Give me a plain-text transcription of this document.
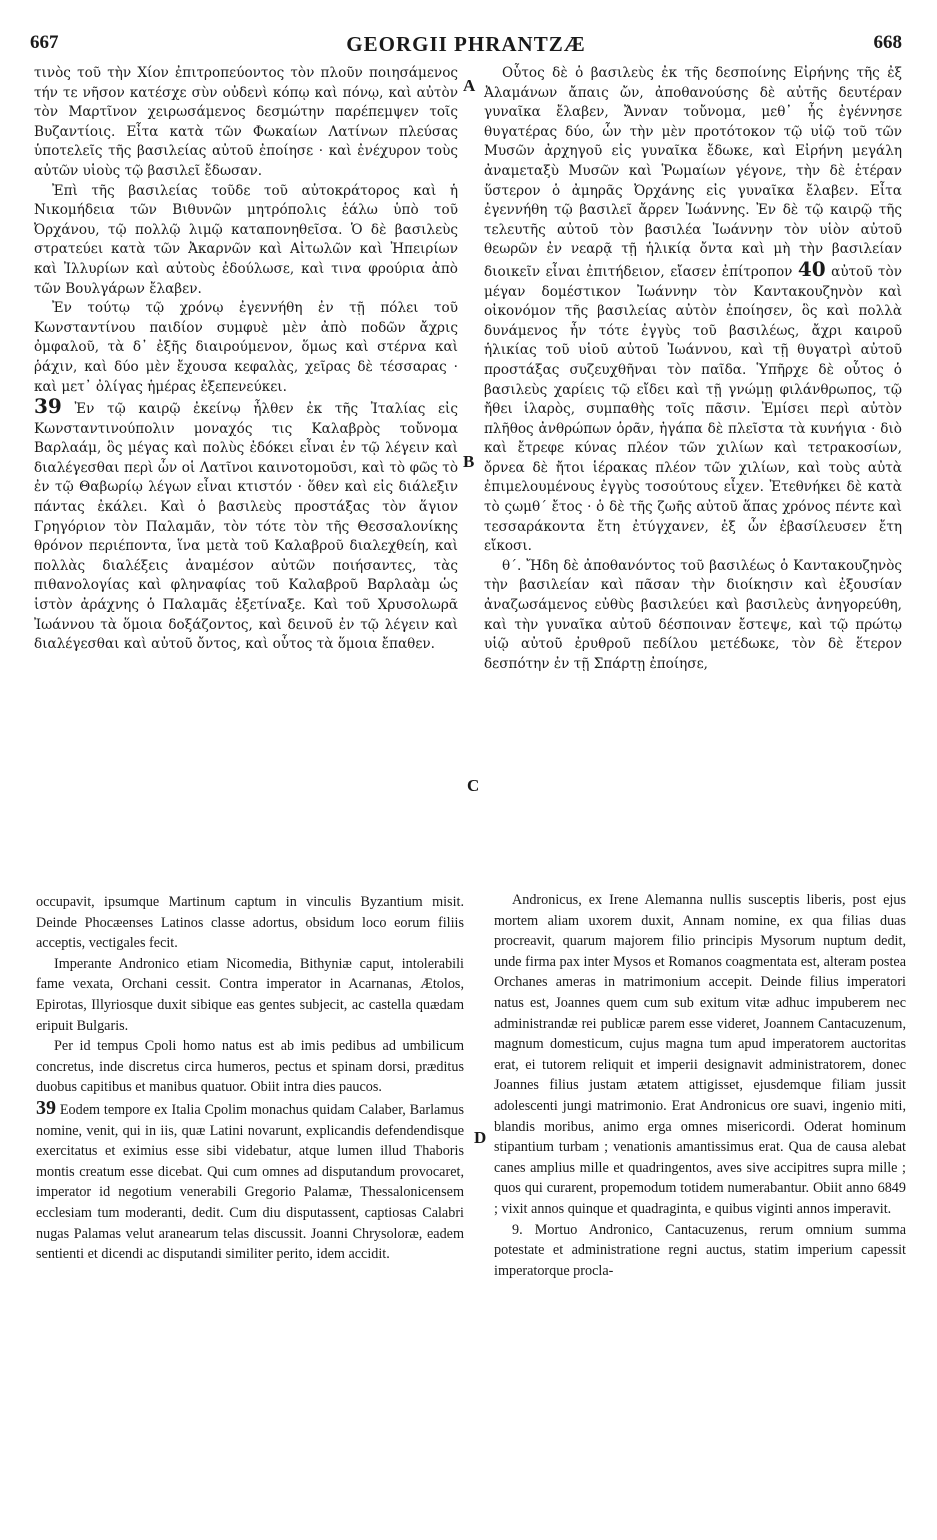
667	GEORGII PHRANTZÆ	668
A
B
C
D

τινὸς τοῦ τὴν Χίον ἐπιτροπεύοντος τὸν πλοῦν ποιησάμενος τήν τε νῆσον κατέσχε σὺν οὐδενὶ κόπῳ καὶ πόνῳ, καὶ αὐτὸν τὸν Μαρτῖνον χειρωσάμενος δεσμώτην παρέπεμψεν τοῖς Βυζαντίοις. Εἶτα κατὰ τῶν Φωκαίων Λατίνων πλεύσας ὑποτελεῖς τῆς βασιλείας αὐτοῦ ἐποίησε · καὶ ἐνέχυρον τοὺς αὐτῶν υἱοὺς τῷ βασιλεῖ ἔδωσαν.

Ἐπὶ τῆς βασιλείας τοῦδε τοῦ αὐτοκράτορος καὶ ἡ Νικομήδεια τῶν Βιθυνῶν μητρόπολις ἑάλω ὑπὸ τοῦ Ὀρχάνου, τῷ πολλῷ λιμῷ καταπονηθεῖσα. Ὁ δὲ βασιλεὺς στρατεύει κατὰ τῶν Ἀκαρνῶν καὶ Αἰτωλῶν καὶ Ἠπειρίων καὶ Ἰλλυρίων καὶ αὐτοὺς ἐδούλωσε, καὶ τινα φρούρια ἀπὸ τῶν Βουλγάρων ἔλαβεν.

Ἐν τούτῳ τῷ χρόνῳ ἐγεννήθη ἐν τῇ πόλει τοῦ Κωνσταντίνου παιδίον συμφυὲ μὲν ἀπὸ ποδῶν ἄχρις ὀμφαλοῦ, τὰ δ᾽ ἐξῆς διαιρούμενον, ὅμως καὶ στέρνα καὶ ῥάχιν, καὶ δύο μὲν ἔχουσα κεφαλὰς, χεῖρας δὲ τέσσαρας · καὶ μετ᾽ ὀλίγας ἡμέρας ἐξεπενεύκει.

39 Ἐν τῷ καιρῷ ἐκείνῳ ἦλθεν ἐκ τῆς Ἰταλίας εἰς Κωνσταντινούπολιν μοναχός τις Καλαβρὸς τοὔνομα Βαρλαάμ, ὃς μέγας καὶ πολὺς ἐδόκει εἶναι ἐν τῷ λέγειν καὶ διαλέγεσθαι περὶ ὧν οἱ Λατῖνοι καινοτομοῦσι, καὶ τὸ φῶς τὸ ἐν τῷ Θαβωρίῳ λέγων εἶναι κτιστόν · ὅθεν καὶ εἰς διάλεξιν πάντας ἐκάλει. Καὶ ὁ βασιλεὺς προστάξας τὸν ἅγιον Γρηγόριον τὸν Παλαμᾶν, τὸν τότε τὸν τῆς Θεσσαλονίκης θρόνον περιέποντα, ἵνα μετὰ τοῦ Καλαβροῦ διαλεχθείη, καὶ πολλὰς διαλέξεις ἀναμέσον αὐτῶν ποιήσαντες, τὰς πιθανολογίας καὶ φληναφίας τοῦ Καλαβροῦ Βαρλαὰμ ὡς ἱστὸν ἀράχνης ὁ Παλαμᾶς ἐξετίναξε. Καὶ τοῦ Χρυσολωρᾶ Ἰωάννου τὰ ὅμοια δοξάζοντος, καὶ δεινοῦ ἐν τῷ λέγειν καὶ διαλέγεσθαι καὶ αὐτοῦ ὄντος, καὶ οὗτος τὰ ὅμοια ἔπαθεν.

Οὗτος δὲ ὁ βασιλεὺς ἐκ τῆς δεσποίνης Εἰρήνης τῆς ἐξ Ἀλαμάνων ἄπαις ὤν, ἀποθανούσης δὲ αὐτῆς δευτέραν γυναῖκα ἔλαβεν, Ἄνναν τοὔνομα, μεθ᾽ ἧς ἐγέννησε θυγατέρας δύο, ὧν τὴν μὲν προτότοκον τῷ υἱῷ τοῦ τῶν Μυσῶν ἀρχηγοῦ εἰς γυναῖκα ἔδωκε, καὶ Εἰρήνη μεγάλη ἀναμεταξὺ Μυσῶν καὶ Ῥωμαίων γέγονε, τὴν δὲ ἑτέραν ὕστερον ὁ ἀμηρᾶς Ὀρχάνης εἰς γυναῖκα ἔλαβεν. Εἶτα ἐγεννήθη τῷ βασιλεῖ ἄρρεν Ἰωάννης. Ἐν δὲ τῷ καιρῷ τῆς τελευτῆς αὐτοῦ τὸν βασιλέα Ἰωάννην τὸν υἱὸν αὐτοῦ θεωρῶν ἐν νεαρᾷ τῇ ἡλικίᾳ ὄντα καὶ μὴ τὴν βασιλείαν διοικεῖν εἶναι ἐπιτήδειον, εἴασεν ἐπίτροπον 40 αὐτοῦ τὸν μέγαν δομέστικον Ἰωάννην τὸν Καντακουζηνὸν καὶ οἰκονόμον τῆς βασιλείας αὐτὸν ἐποίησεν, ὃς καὶ πολλὰ δυνάμενος ἦν τότε ἐγγὺς τοῦ βασιλέως, ἄχρι καιροῦ ἡλικίας τοῦ υἱοῦ αὐτοῦ Ἰωάννου, καὶ τῇ θυγατρὶ αὐτοῦ προστάξας συζευχθῆναι τὸν παῖδα. Ὑπῆρχε δὲ οὗτος ὁ βασιλεὺς χαρίεις τῷ εἴδει καὶ τῇ γνώμῃ φιλάνθρωπος, τῷ ἤθει ἱλαρὸς, συμπαθὴς τοῖς πᾶσιν. Ἐμίσει περὶ αὐτὸν πλῆθος ἀνθρώπων ὁρᾶν, ἠγάπα δὲ πλεῖστα τὰ κυνήγια · διὸ καὶ ἔτρεφε κύνας πλέον τῶν χιλίων καὶ τετρακοσίων, ὄρνεα δὲ ἤτοι ἱέρακας πλέον τῶν χιλίων, καὶ τοὺς αὐτὰ ἐπιμελουμένους ἐγγὺς τοσούτους εἶχεν. Ἐτεθνήκει δὲ κατὰ τὸ ςωμθ´ ἔτος · ὁ δὲ τῆς ζωῆς αὐτοῦ ἅπας χρόνος πέντε καὶ τεσσαράκοντα ἔτη ἐτύγχανεν, ἐξ ὧν ἐβασίλευσεν ἔτη εἴκοσι.

θ´. Ἤδη δὲ ἀποθανόντος τοῦ βασιλέως ὁ Καντακουζηνὸς τὴν βασιλείαν καὶ πᾶσαν τὴν διοίκησιν καὶ ἐξουσίαν ἀναζωσάμενος εὐθὺς βασιλεύει καὶ βασιλεὺς ἀνηγορεύθη, καὶ τὴν γυναῖκα αὐτοῦ δέσποιναν ἔστεψε, καὶ τῷ πρώτῳ υἱῷ αὐτοῦ ἐρυθροῦ πεδίλου μετέδωκε, τὸν δὲ ἕτερον δεσπότην ἐν τῇ Σπάρτῃ ἐποίησε,

occupavit, ipsumque Martinum captum in vinculis Byzantium misit. Deinde Phocæenses Latinos classe adortus, obsidum loco eorum filiis acceptis, vectigales fecit.

Imperante Andronico etiam Nicomedia, Bithyniæ caput, intolerabili fame vexata, Orchani cessit. Contra imperator in Acarnanas, Ætolos, Epirotas, Illyriosque duxit sibique eas gentes subjecit, ac castella quædam eripuit Bulgaris.

Per id tempus Cpoli homo natus est ab imis pedibus ad umbilicum concretus, inde discretus circa humeros, pectus et spinam dorsi, præditus duobus capitibus et manibus quatuor. Obiit intra dies paucos.

39 Eodem tempore ex Italia Cpolim monachus quidam Calaber, Barlamus nomine, venit, qui in iis, quæ Latini novarunt, explicandis defendendisque exercitatus et eximius esse sibi videbatur, atque lumen illud Thaboris montis creatum esse dicebat. Qui cum omnes ad disputandum provocaret, imperator id negotium venerabili Gregorio Palamæ, Thessalonicensem ecclesiam tum moderanti, dedit. Cum diu disputassent, captiosas Calabri nugas Palamas velut aranearum telas discussit. Joanni Chrysoloræ, eadem sentienti et dicendi ac disputandi similiter perito, idem accidit.

Andronicus, ex Irene Alemanna nullis susceptis liberis, post ejus mortem aliam uxorem duxit, Annam nomine, ex qua filias duas procreavit, quarum majorem filio principis Mysorum nuptum dedit, unde firma pax inter Mysos et Romanos coagmentata est, alteram postea Orchanes ameras in matrimonium accepit. Deinde filius imperatori natus est, Joannes quem cum sub exitum vitæ adhuc impuberem nec administrandæ rei publicæ parem esse videret, Joannem Cantacuzenum, magnum domesticum, cujus magna tum apud imperatorem auctoritas erat, ei tutorem reliquit et imperii designavit administratorem, donec Joannes filius justam ætatem attigisset, ejusdemque filiam jussit adolescenti jungi matrimonio. Erat Andronicus ore suavi, ingenio miti, blandis moribus, animo erga omnes misericordi. Oderat hominum stipantium turbam ; venationis amantissimus erat. Qua de causa alebat canes amplius mille et quadringentos, aves sive accipitres supra mille ; quos qui curarent, propemodum totidem numerabantur. Obiit anno 6849 ; vixit annos quinque et quadraginta, e quibus viginti annos imperavit.

9. Mortuo Andronico, Cantacuzenus, rerum omnium summa potestate et administratione regni auctus, statim imperium capessit imperatorque procla-
